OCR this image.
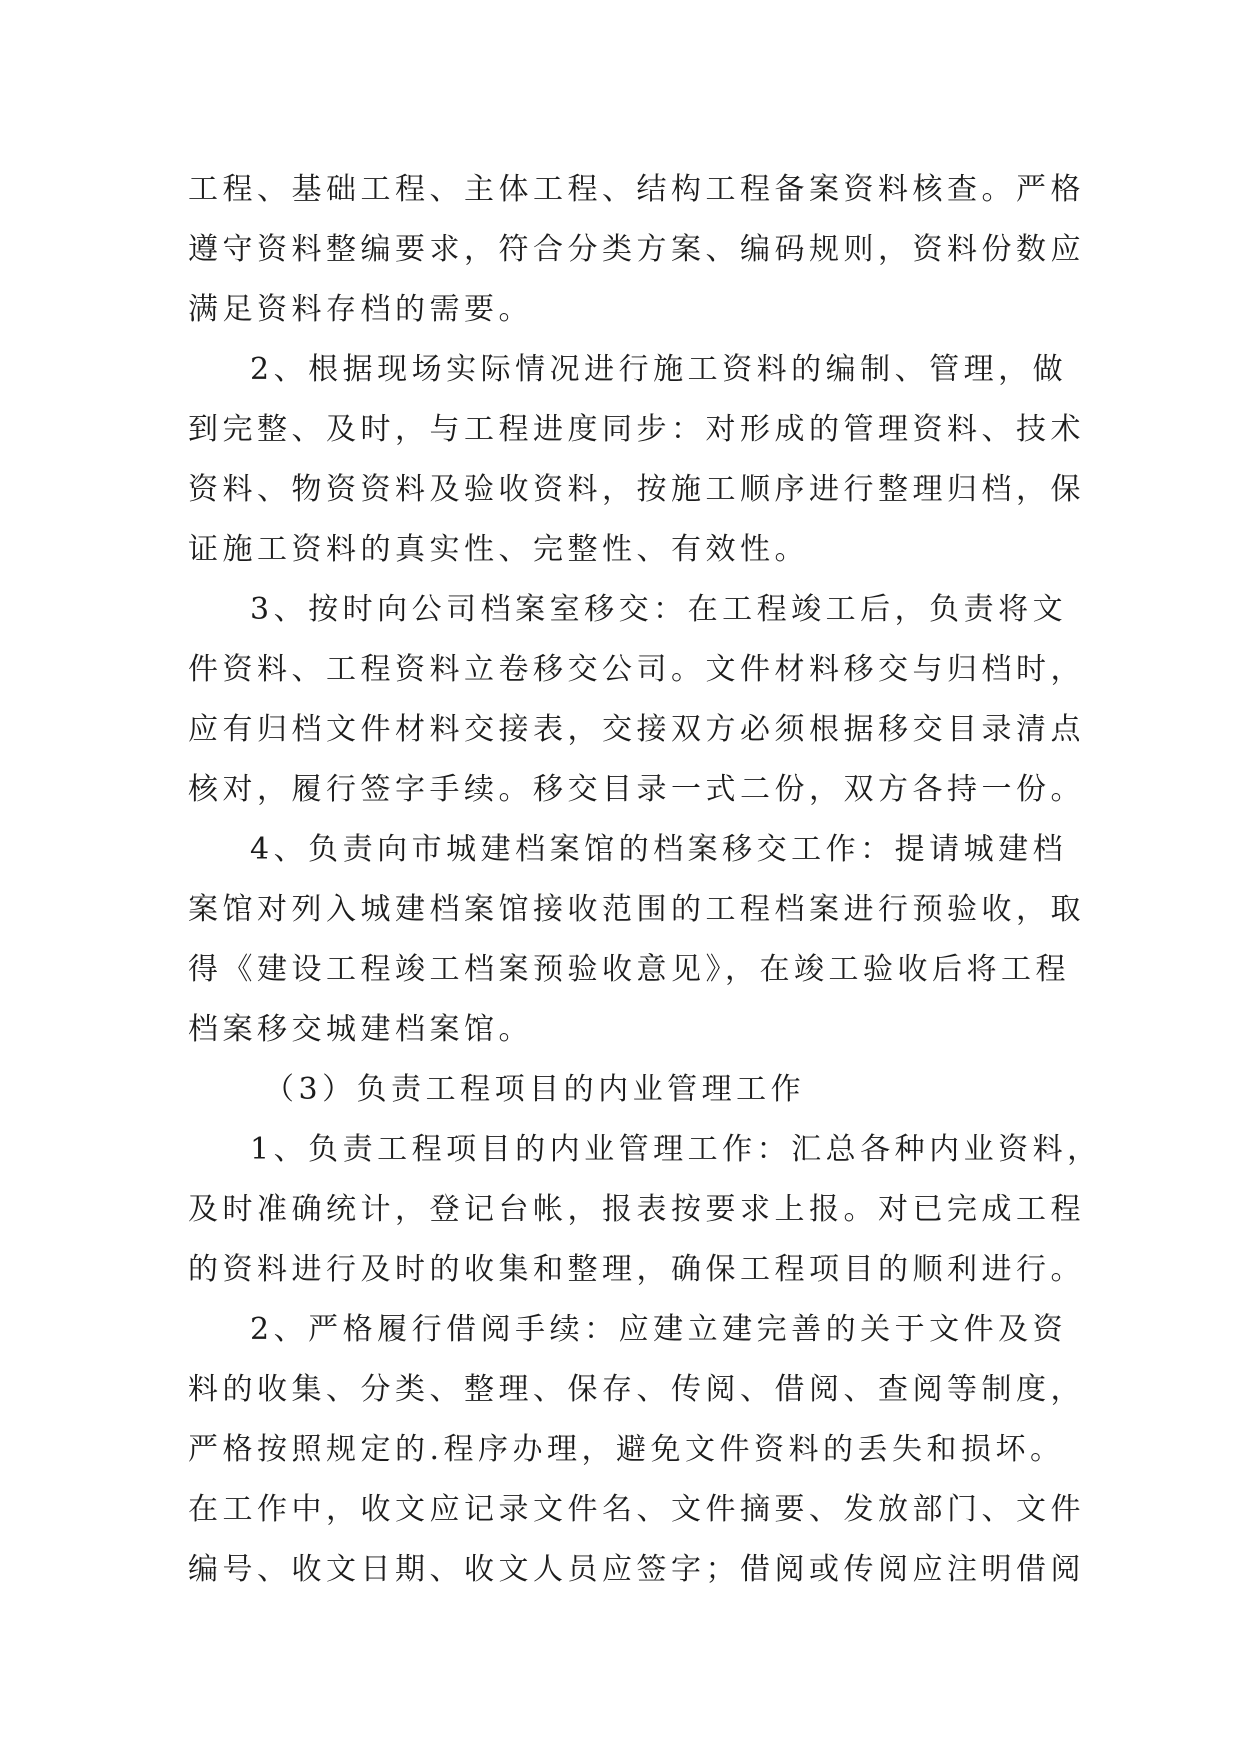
工程、基础工程、主体工程、结构工程备案资料核查。严格
遵守资料整编要求，符合分类方案、编码规则，资料份数应
满足资料存档的需要。
2、根据现场实际情况进行施工资料的编制、管理，做
到完整、及时，与工程进度同步：对形成的管理资料、技术
资料、物资资料及验收资料，按施工顺序进行整理归档，保
证施工资料的真实性、完整性、有效性。
3、按时向公司档案室移交：在工程竣工后，负责将文
件资料、工程资料立卷移交公司。文件材料移交与归档时，
应有归档文件材料交接表，交接双方必须根据移交目录清点
核对，履行签字手续。移交目录一式二份，双方各持一份。
4、负责向市城建档案馆的档案移交工作：提请城建档
案馆对列入城建档案馆接收范围的工程档案进行预验收，取
得《建设工程竣工档案预验收意见》，在竣工验收后将工程
档案移交城建档案馆。
（3）负责工程项目的内业管理工作
1、负责工程项目的内业管理工作：汇总各种内业资料，
及时准确统计，登记台帐，报表按要求上报。对已完成工程
的资料进行及时的收集和整理，确保工程项目的顺利进行。
2、严格履行借阅手续：应建立建完善的关于文件及资
料的收集、分类、整理、保存、传阅、借阅、查阅等制度，
严格按照规定的.程序办理，避免文件资料的丢失和损坏。
在工作中，收文应记录文件名、文件摘要、发放部门、文件
编号、收文日期、收文人员应签字；借阅或传阅应注明借阅
